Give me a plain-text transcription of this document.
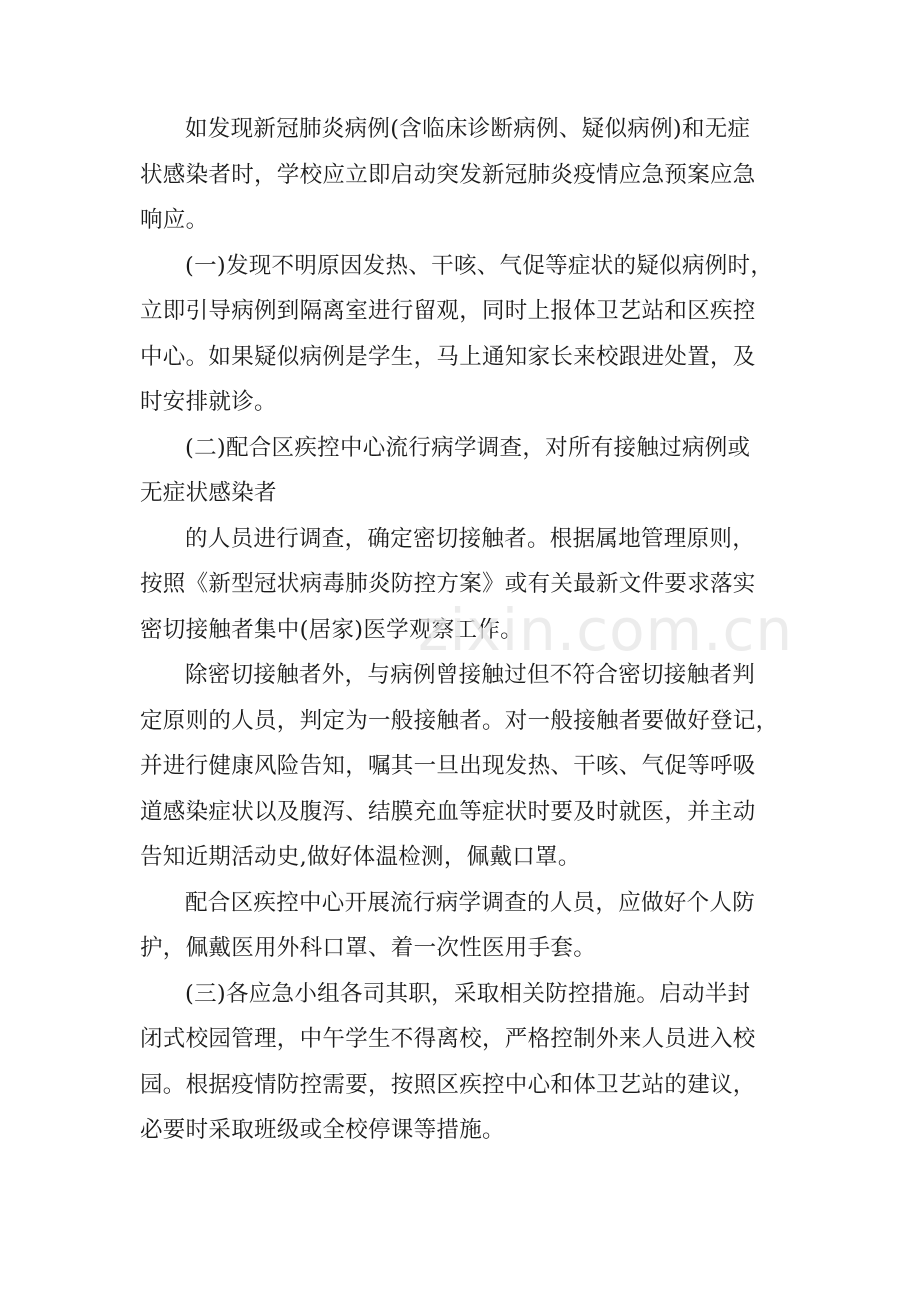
如发现新冠肺炎病例(含临床诊断病例、疑似病例)和无症
状感染者时，学校应立即启动突发新冠肺炎疫情应急预案应急
响应。

(一)发现不明原因发热、干咳、气促等症状的疑似病例时，
立即引导病例到隔离室进行留观，同时上报体卫艺站和区疾控
中心。如果疑似病例是学生，马上通知家长来校跟进处置，及
时安排就诊。

(二)配合区疾控中心流行病学调查，对所有接触过病例或
无症状感染者

的人员进行调查，确定密切接触者。根据属地管理原则，
按照《新型冠状病毒肺炎防控方案》或有关最新文件要求落实
密切接触者集中(居家)医学观察工作。

除密切接触者外，与病例曾接触过但不符合密切接触者判
定原则的人员，判定为一般接触者。对一般接触者要做好登记，
并进行健康风险告知，嘱其一旦出现发热、干咳、气促等呼吸
道感染症状以及腹泻、结膜充血等症状时要及时就医，并主动
告知近期活动史,做好体温检测，佩戴口罩。

配合区疾控中心开展流行病学调查的人员，应做好个人防
护，佩戴医用外科口罩、着一次性医用手套。

(三)各应急小组各司其职，采取相关防控措施。启动半封
闭式校园管理，中午学生不得离校，严格控制外来人员进入校
园。根据疫情防控需要，按照区疾控中心和体卫艺站的建议，
必要时采取班级或全校停课等措施。

zixin.com.cn
